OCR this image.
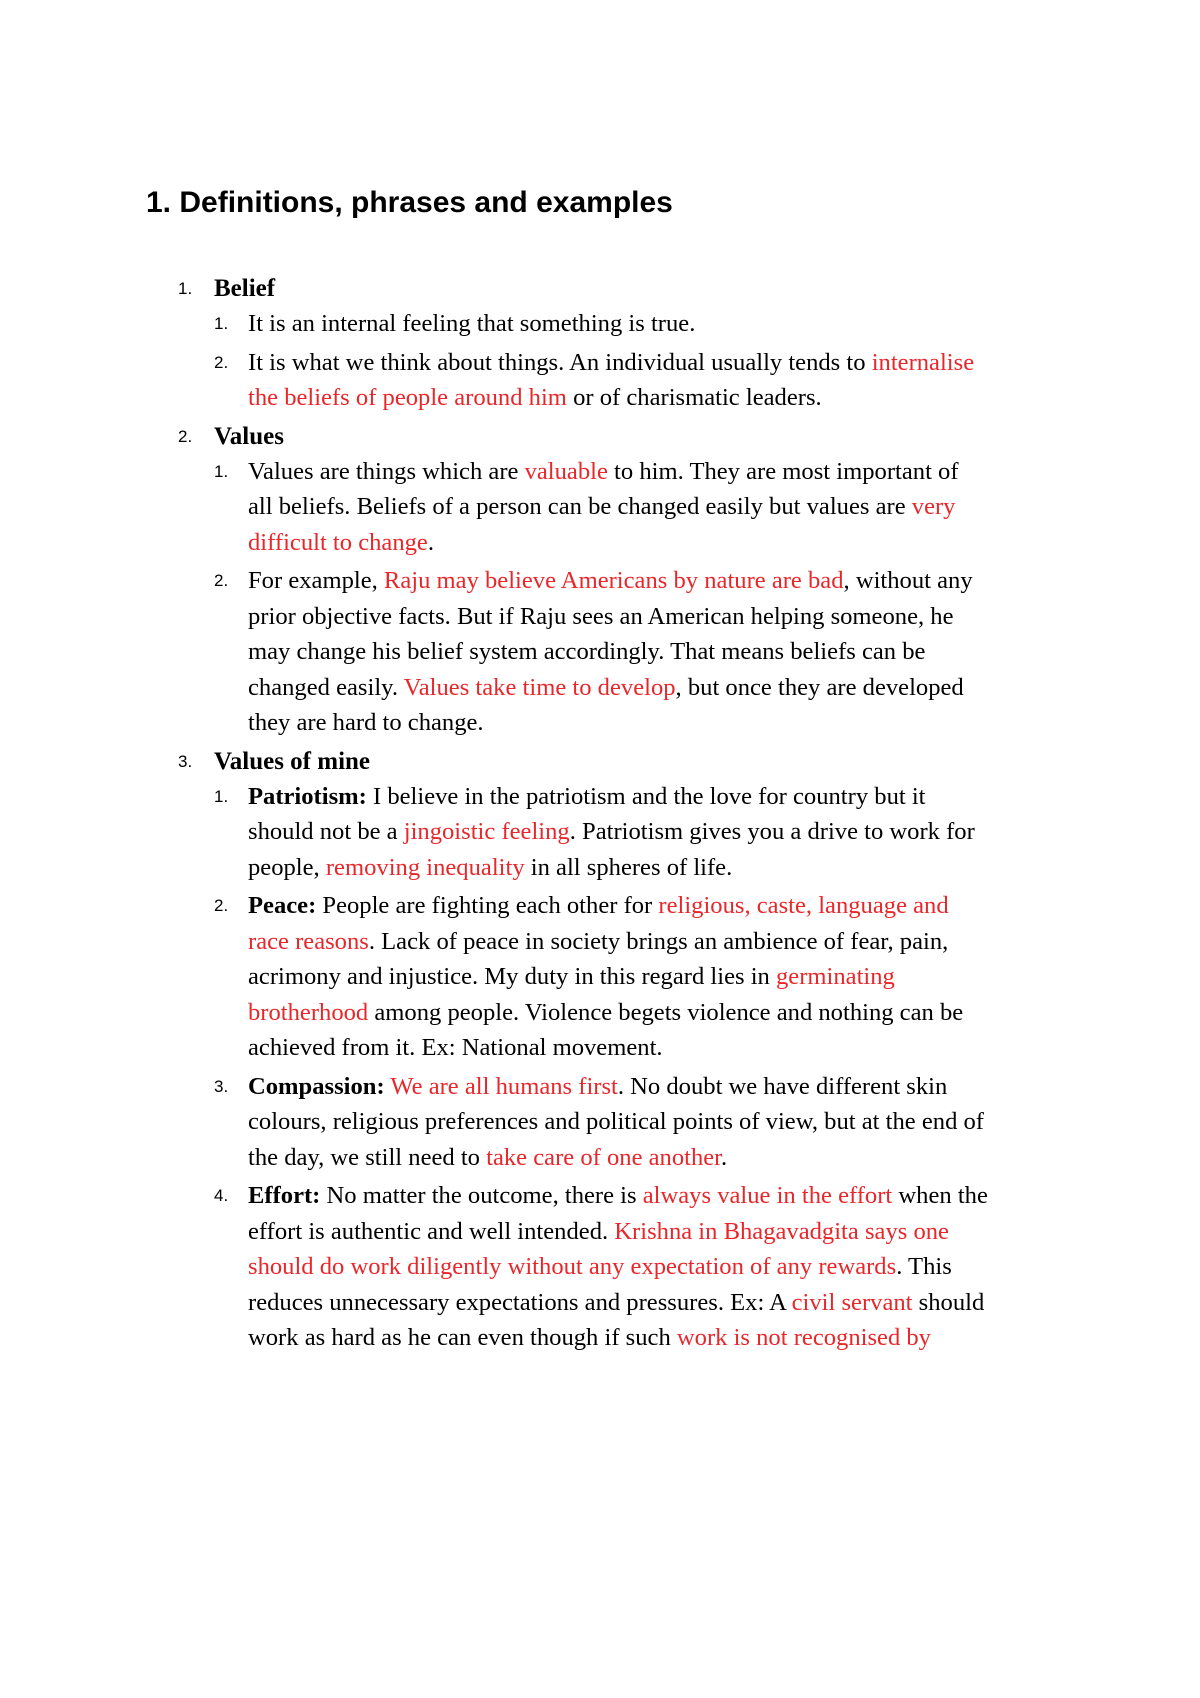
1. Definitions, phrases and examples
1. Belief
1. It is an internal feeling that something is true.
2. It is what we think about things. An individual usually tends to internalise the beliefs of people around him or of charismatic leaders.
2. Values
1. Values are things which are valuable to him. They are most important of all beliefs. Beliefs of a person can be changed easily but values are very difficult to change.
2. For example, Raju may believe Americans by nature are bad, without any prior objective facts. But if Raju sees an American helping someone, he may change his belief system accordingly. That means beliefs can be changed easily. Values take time to develop, but once they are developed they are hard to change.
3. Values of mine
1. Patriotism: I believe in the patriotism and the love for country but it should not be a jingoistic feeling. Patriotism gives you a drive to work for people, removing inequality in all spheres of life.
2. Peace: People are fighting each other for religious, caste, language and race reasons. Lack of peace in society brings an ambience of fear, pain, acrimony and injustice. My duty in this regard lies in germinating brotherhood among people. Violence begets violence and nothing can be achieved from it. Ex: National movement.
3. Compassion: We are all humans first. No doubt we have different skin colours, religious preferences and political points of view, but at the end of the day, we still need to take care of one another.
4. Effort: No matter the outcome, there is always value in the effort when the effort is authentic and well intended. Krishna in Bhagavadgita says one should do work diligently without any expectation of any rewards. This reduces unnecessary expectations and pressures. Ex: A civil servant should work as hard as he can even though if such work is not recognised by
